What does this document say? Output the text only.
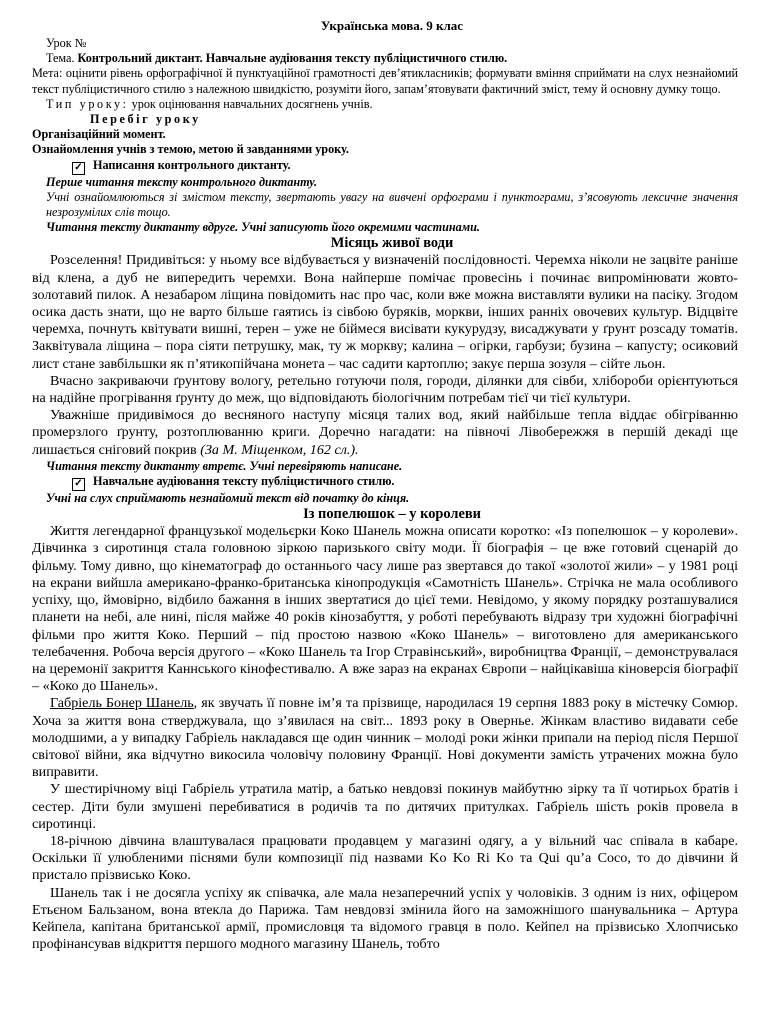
Українська мова. 9 клас

Урок №

Тема. Контрольний диктант. Навчальне аудіювання тексту публіцистичного стилю.

Мета: оцінити рівень орфографічної й пунктуаційної грамотності дев’ятикласників; формувати вміння сприймати на слух незнайомий текст публіцистичного стилю з належною швидкістю, розуміти його, запам’ятовувати фактичний зміст, тему й основну думку тощо.

Тип уроку: урок оцінювання навчальних досягнень учнів.

Перебіг уроку

Організаційний момент.

Ознайомлення учнів з темою, метою й завданнями уроку.

✓ Написання контрольного диктанту.

Перше читання тексту контрольного диктанту.

Учні ознайомлюються зі змістом тексту, звертають увагу на вивчені орфограми і пунктограми, з’ясовують лексичне значення незрозумілих слів тощо.

Читання тексту диктанту вдруге. Учні записують його окремими частинами.

Місяць живої води

Розселення! Придивіться: у ньому все відбувається у визначеній послідовності. Черемха ніколи не зацвіте раніше від клена, а дуб не випередить черемхи. Вона найперше помічає провесінь і починає випромінювати жовто-золотавий пилок. А незабаром ліщина повідомить нас про час, коли вже можна виставляти вулики на пасіку. Згодом осика дасть знати, що не варто більше гаятись із сівбою буряків, моркви, інших ранніх овочевих культур. Відцвіте черемха, почнуть квітувати вишні, терен – уже не біймеся висівати кукурудзу, висаджувати у ґрунт розсаду томатів. Заквітувала ліщина – пора сіяти петрушку, мак, ту ж моркву; калина – огірки, гарбузи; бузина – капусту; осиковий лист стане завбільшки як п’ятикопійчана монета – час садити картоплю; закує перша зозуля – сійте льон.

Вчасно закриваючи ґрунтову вологу, ретельно готуючи поля, городи, ділянки для сівби, хлібороби орієнтуються на надійне прогрівання ґрунту до меж, що відповідають біологічним потребам тієї чи тієї культури.

Уважніше придивімося до весняного наступу місяця талих вод, який найбільше тепла віддає обігріванню промерзлого ґрунту, розтоплюванню криги. Доречно нагадати: на півночі Лівобережжя в першій декаді ще лишається сніговий покрив (За М. Міщенком, 162 сл.).

Читання тексту диктанту втретє. Учні перевіряють написане.

✓ Навчальне аудіювання тексту публіцистичного стилю.

Учні на слух сприймають незнайомий текст від початку до кінця.

Із попелюшок – у королеви

Життя легендарної французької модельєрки Коко Шанель можна описати коротко: «Із попелюшок – у королеви». Дівчинка з сиротинця стала головною зіркою паризького світу моди. Її біографія – це вже готовий сценарій до фільму. Тому дивно, що кінематограф до останнього часу лише раз звертався до такої «золотої жили» – у 1981 році на екрани вийшла американо-франко-британська кінопродукція «Самотність Шанель». Стрічка не мала особливого успіху, що, ймовірно, відбило бажання в інших звертатися до цієї теми. Невідомо, у якому порядку розташувалися планети на небі, але нині, після майже 40 років кінозабуття, у роботі перебувають відразу три художні біографічні фільми про життя Коко. Перший – під простою назвою «Коко Шанель» – виготовлено для американського телебачення. Робоча версія другого – «Коко Шанель та Ігор Стравінський», виробництва Франції, – демонструвалася на церемонії закриття Каннського кінофестивалю. А вже зараз на екранах Європи – найцікавіша кіноверсія біографії – «Коко до Шанель».

Габріель Бонер Шанель, як звучать її повне ім’я та прізвище, народилася 19 серпня 1883 року в містечку Сомюр. Хоча за життя вона стверджувала, що з’явилася на світ... 1893 року в Овернье. Жінкам властиво видавати себе молодшими, а у випадку Габріель накладався ще один чинник – молоді роки жінки припали на період після Першої світової війни, яка відчутно викосила чоловічу половину Франції. Нові документи замість утрачених можна було виправити.

У шестирічному віці Габріель утратила матір, а батько невдовзі покинув майбутню зірку та її чотирьох братів і сестер. Діти були змушені перебиватися в родичів та по дитячих притулках. Габріель шість років провела в сиротинці.

18-річною дівчина влаштувалася працювати продавцем у магазині одягу, а у вільний час співала в кабаре. Оскільки її улюбленими піснями були композиції під назвами Ko Ko Ri Ko та Qui qu’a Coco, то до дівчини й пристало прізвисько Коко.

Шанель так і не досягла успіху як співачка, але мала незаперечний успіх у чоловіків. З одним із них, офіцером Етьєном Бальзаном, вона втекла до Парижа. Там невдовзі змінила його на заможнішого шанувальника – Артура Кейпела, капітана британської армії, промисловця та відомого гравця в поло. Кейпел на прізвисько Хлопчисько профінансував відкриття першого модного магазину Шанель, тобто
